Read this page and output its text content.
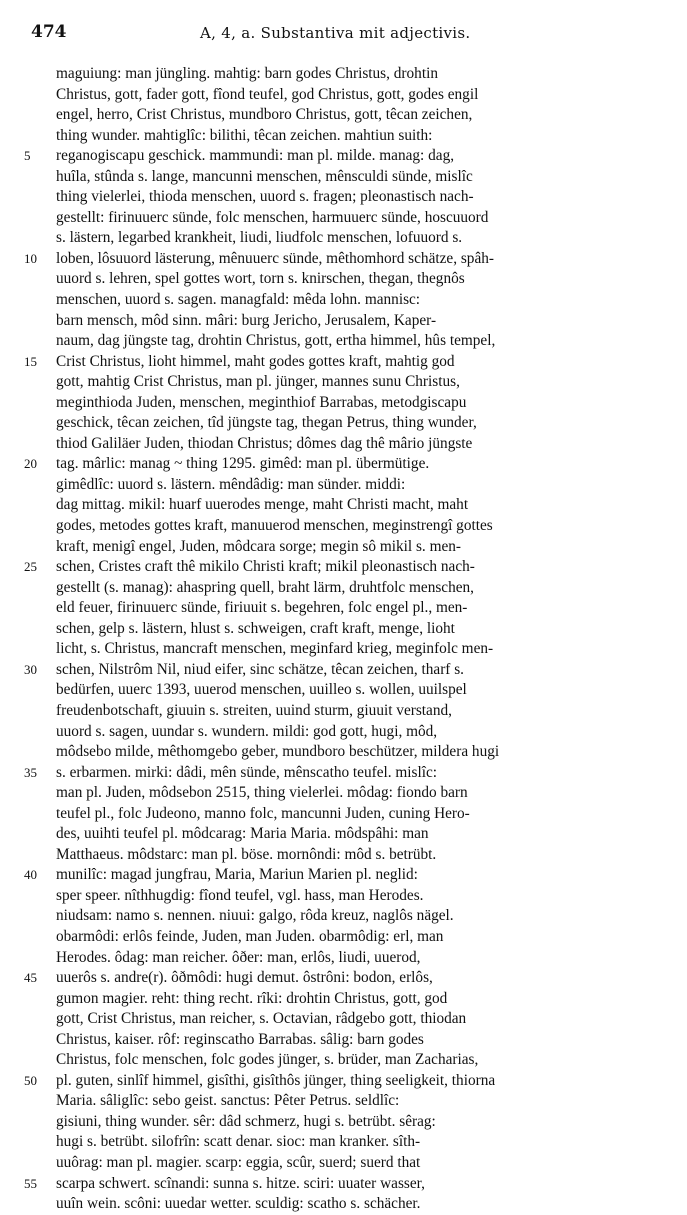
474	A, 4, a. Substantiva mit adjectivis.
maguiung: man jüngling. mahtig: barn godes Christus, drohtin
Christus, gott, fader gott, fîond teufel, god Christus, gott, godes engil
engel, herro, Crist Christus, mundboro Christus, gott, têcan zeichen,
thing wunder. mahtiglîc: bilithi, têcan zeichen. mahtiun suith:
5	reganogiscapu geschick. mammundi: man pl. milde. manag: dag,
huîla, stûnda s. lange, mancunni menschen, mênsculdi sünde, mislîc
thing vielerlei, thioda menschen, uuord s. fragen; pleonastisch nach-
gestellt: firinuuerc sünde, folc menschen, harmuuerc sünde, hoscuuord
s. lästern, legarbed krankheit, liudi, liudfolc menschen, lofuuord s.
10	loben, lôsuuord lästerung, mênuuerc sünde, mêthomhord schätze, spâh-
uuord s. lehren, spel gottes wort, torn s. knirschen, thegan, thegnôs
menschen, uuord s. sagen. managfald: mêda lohn. mannisc:
barn mensch, môd sinn. mâri: burg Jericho, Jerusalem, Kaper-
naum, dag jüngste tag, drohtin Christus, gott, ertha himmel, hûs tempel,
15	Crist Christus, lioht himmel, maht godes gottes kraft, mahtig god
gott, mahtig Crist Christus, man pl. jünger, mannes sunu Christus,
meginthioda Juden, menschen, meginthiof Barrabas, metodgiscapu
geschick, têcan zeichen, tîd jüngste tag, thegan Petrus, thing wunder,
thiod Galiläer Juden, thiodan Christus; dômes dag thê mârio jüngste
20	tag. mârlic: manag ~ thing 1295. gimêd: man pl. übermütige.
gimêdlîc: uuord s. lästern. mêndâdig: man sünder. middi:
dag mittag. mikil: huarf uuerodes menge, maht Christi macht, maht
godes, metodes gottes kraft, manuuerod menschen, meginstrengî gottes
kraft, menigî engel, Juden, môdcara sorge; megin sô mikil s. men-
25	schen, Cristes craft thê mikilo Christi kraft; mikil pleonastisch nach-
gestellt (s. manag): ahaspring quell, braht lärm, druhtfolc menschen,
eld feuer, firinuuerc sünde, firiuuit s. begehren, folc engel pl., men-
schen, gelp s. lästern, hlust s. schweigen, craft kraft, menge, lioht
licht, s. Christus, mancraft menschen, meginfard krieg, meginfolc men-
30	schen, Nilstrôm Nil, niud eifer, sinc schätze, têcan zeichen, tharf s.
bedürfen, uuerc 1393, uuerod menschen, uuilleo s. wollen, uuilspel
freudenbotschaft, giuuin s. streiten, uuind sturm, giuuit verstand,
uuord s. sagen, uundar s. wundern. mildi: god gott, hugi, môd,
môdsebo milde, mêthomgebo geber, mundboro beschützer, mildera hugi
35	s. erbarmen. mirki: dâdi, mên sünde, mênscatho teufel. mislîc:
man pl. Juden, môdsebon 2515, thing vielerlei. môdag: fiondo barn
teufel pl., folc Judeono, manno folc, mancunni Juden, cuning Hero-
des, uuihti teufel pl. môdcarag: Maria Maria. môdspâhi: man
Matthaeus. môdstarc: man pl. böse. mornôndi: môd s. betrübt.
40	munilîc: magad jungfrau, Maria, Mariun Marien pl. neglid:
sper speer. nîthhugdig: fîond teufel, vgl. hass, man Herodes.
niudsam: namo s. nennen. niuui: galgo, rôda kreuz, naglôs nägel.
obarmôdi: erlôs feinde, Juden, man Juden. obarmôdig: erl, man
Herodes. ôdag: man reicher. ôðer: man, erlôs, liudi, uuerod,
45	uuerôs s. andre(r). ôðmôdi: hugi demut. ôstrôni: bodon, erlôs,
gumon magier. reht: thing recht. rîki: drohtin Christus, gott, god
gott, Crist Christus, man reicher, s. Octavian, râdgebo gott, thiodan
Christus, kaiser. rôf: reginscatho Barrabas. sâlig: barn godes
Christus, folc menschen, folc godes jünger, s. brüder, man Zacharias,
50	pl. guten, sinlîf himmel, gisîthi, gisîthôs jünger, thing seeligkeit, thiorna
Maria. sâliglîc: sebo geist. sanctus: Pêter Petrus. seldlîc:
gisiuni, thing wunder. sêr: dâd schmerz, hugi s. betrübt. sêrag:
hugi s. betrübt. silofrîn: scatt denar. sioc: man kranker. sîth-
uuôrag: man pl. magier. scarp: eggia, scûr, suerd; suerd that
55	scarpa schwert. scînandi: sunna s. hitze. sciri: uuater wasser,
uuîn wein. scôni: uuedar wetter. sculdig: scatho s. schächer.
